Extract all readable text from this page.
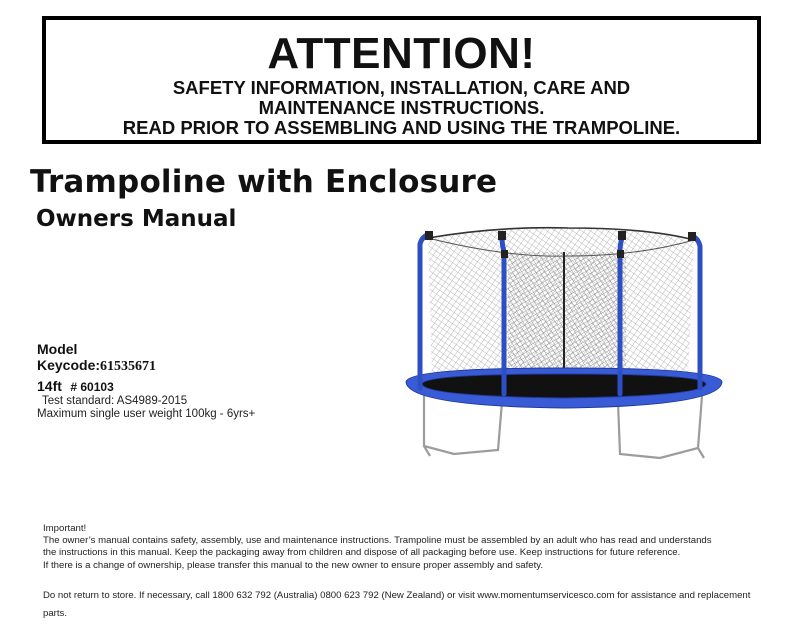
ATTENTION!
SAFETY INFORMATION, INSTALLATION, CARE AND
MAINTENANCE INSTRUCTIONS.
READ PRIOR TO ASSEMBLING AND USING THE TRAMPOLINE.
Trampoline with Enclosure
Owners Manual
Model
Keycode:61535671
14ft # 60103
Test standard: AS4989-2015
Maximum single user weight 100kg - 6yrs+
Important!
The owner’s manual contains safety, assembly, use and maintenance instructions. Trampoline must be assembled by an adult who has read and understands
the instructions in this manual. Keep the packaging away from children and dispose of all packaging before use. Keep instructions for future reference.
If there is a change of ownership, please transfer this manual to the new owner to ensure proper assembly and safety.
Do not return to store. If necessary, call 1800 632 792 (Australia) 0800 623 792 (New Zealand) or visit www.momentumservicesco.com for assistance and replacement
parts.
